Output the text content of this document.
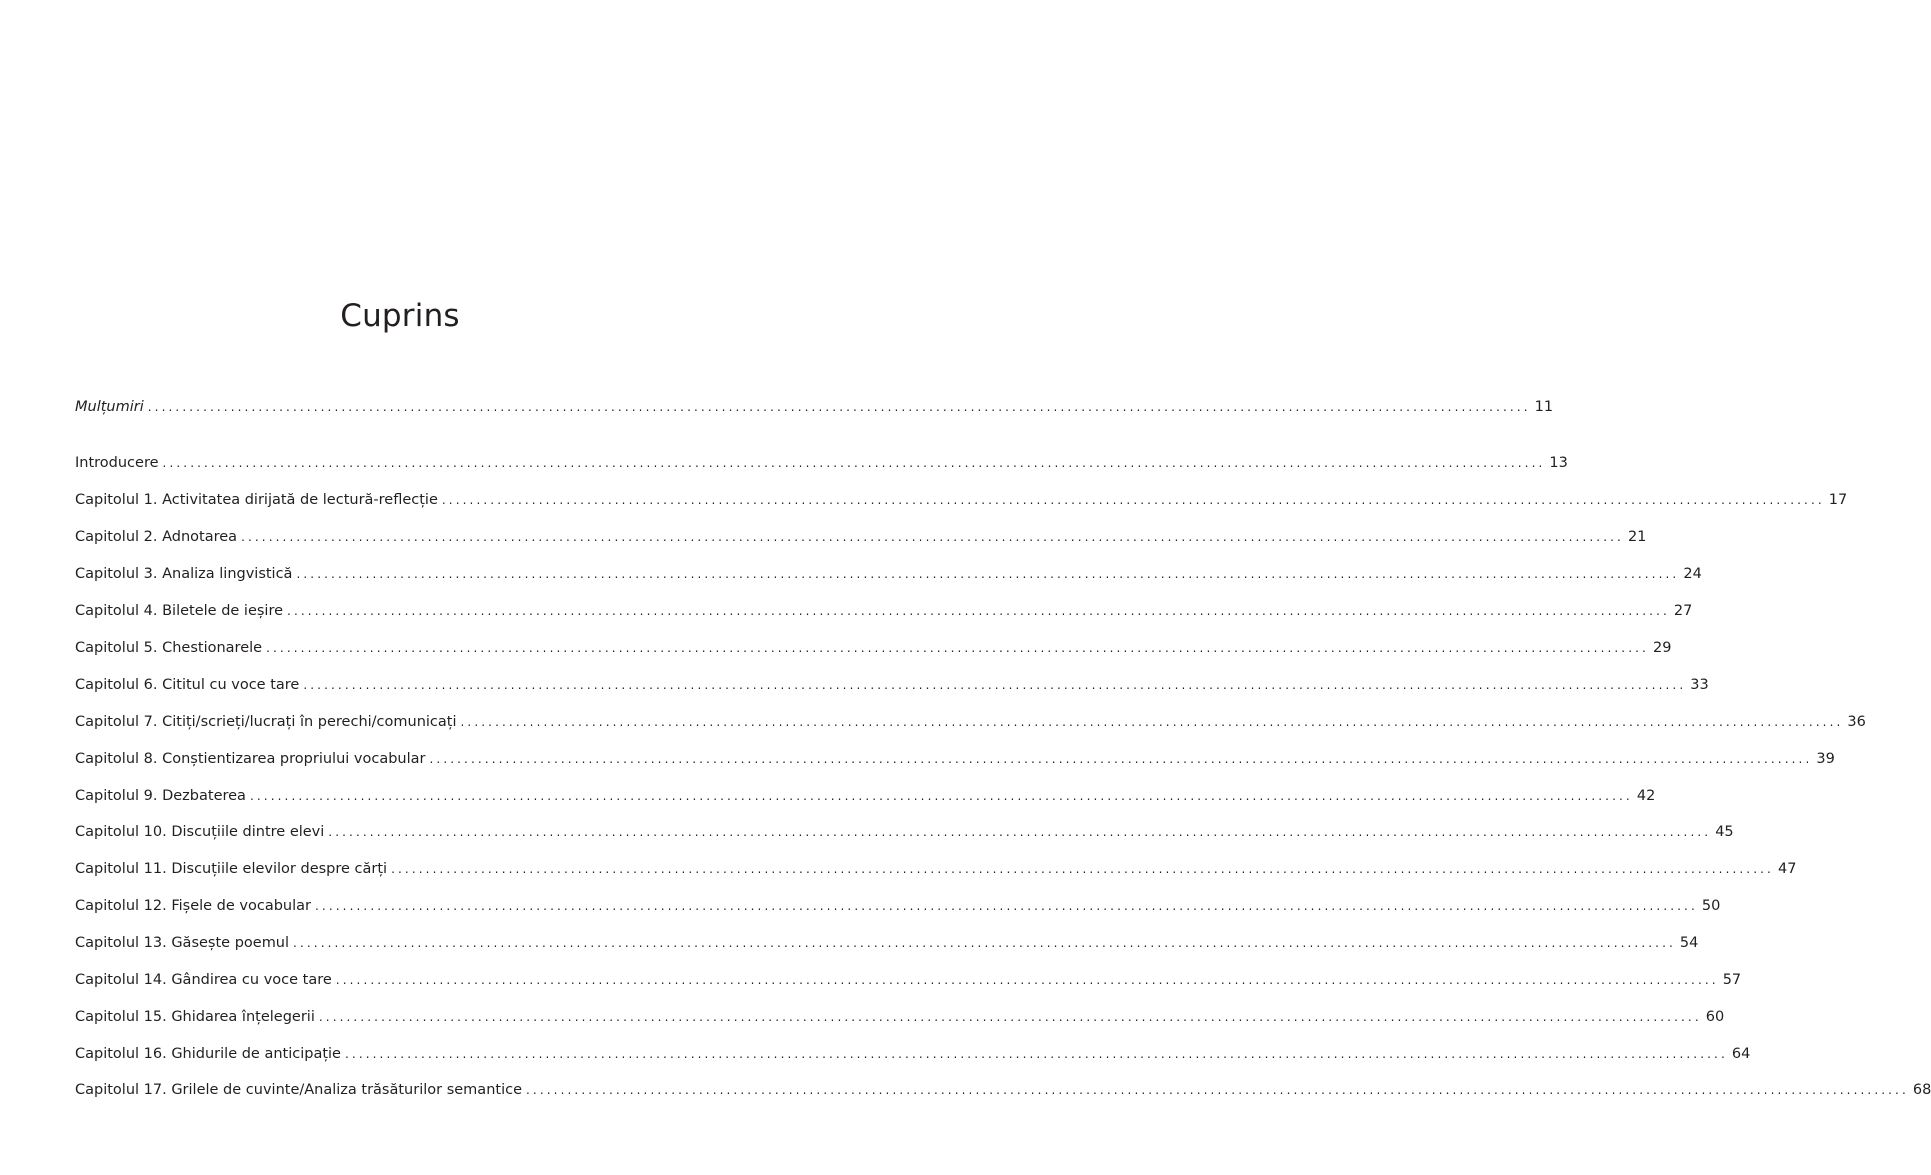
Cuprins
Mulțumiri ........................................................................................................................................................................................................ 11
Introducere ........................................................................................................................................................................................................ 13
Capitolul 1. Activitatea dirijată de lectură-reflecție ........................................................................................................................................................................................................ 17
Capitolul 2. Adnotarea ........................................................................................................................................................................................................ 21
Capitolul 3. Analiza lingvistică ........................................................................................................................................................................................................ 24
Capitolul 4. Biletele de ieșire ........................................................................................................................................................................................................ 27
Capitolul 5. Chestionarele ........................................................................................................................................................................................................ 29
Capitolul 6. Cititul cu voce tare ........................................................................................................................................................................................................ 33
Capitolul 7. Citiți/scrieți/lucrați în perechi/comunicați ........................................................................................................................................................................................................ 36
Capitolul 8. Conștientizarea propriului vocabular ........................................................................................................................................................................................................ 39
Capitolul 9. Dezbaterea ........................................................................................................................................................................................................ 42
Capitolul 10. Discuțiile dintre elevi ........................................................................................................................................................................................................ 45
Capitolul 11. Discuțiile elevilor despre cărți ........................................................................................................................................................................................................ 47
Capitolul 12. Fișele de vocabular ........................................................................................................................................................................................................ 50
Capitolul 13. Găsește poemul ........................................................................................................................................................................................................ 54
Capitolul 14. Gândirea cu voce tare ........................................................................................................................................................................................................ 57
Capitolul 15. Ghidarea înțelegerii ........................................................................................................................................................................................................ 60
Capitolul 16. Ghidurile de anticipație ........................................................................................................................................................................................................ 64
Capitolul 17. Grilele de cuvinte/Analiza trăsăturilor semantice ........................................................................................................................................................................................................ 68
